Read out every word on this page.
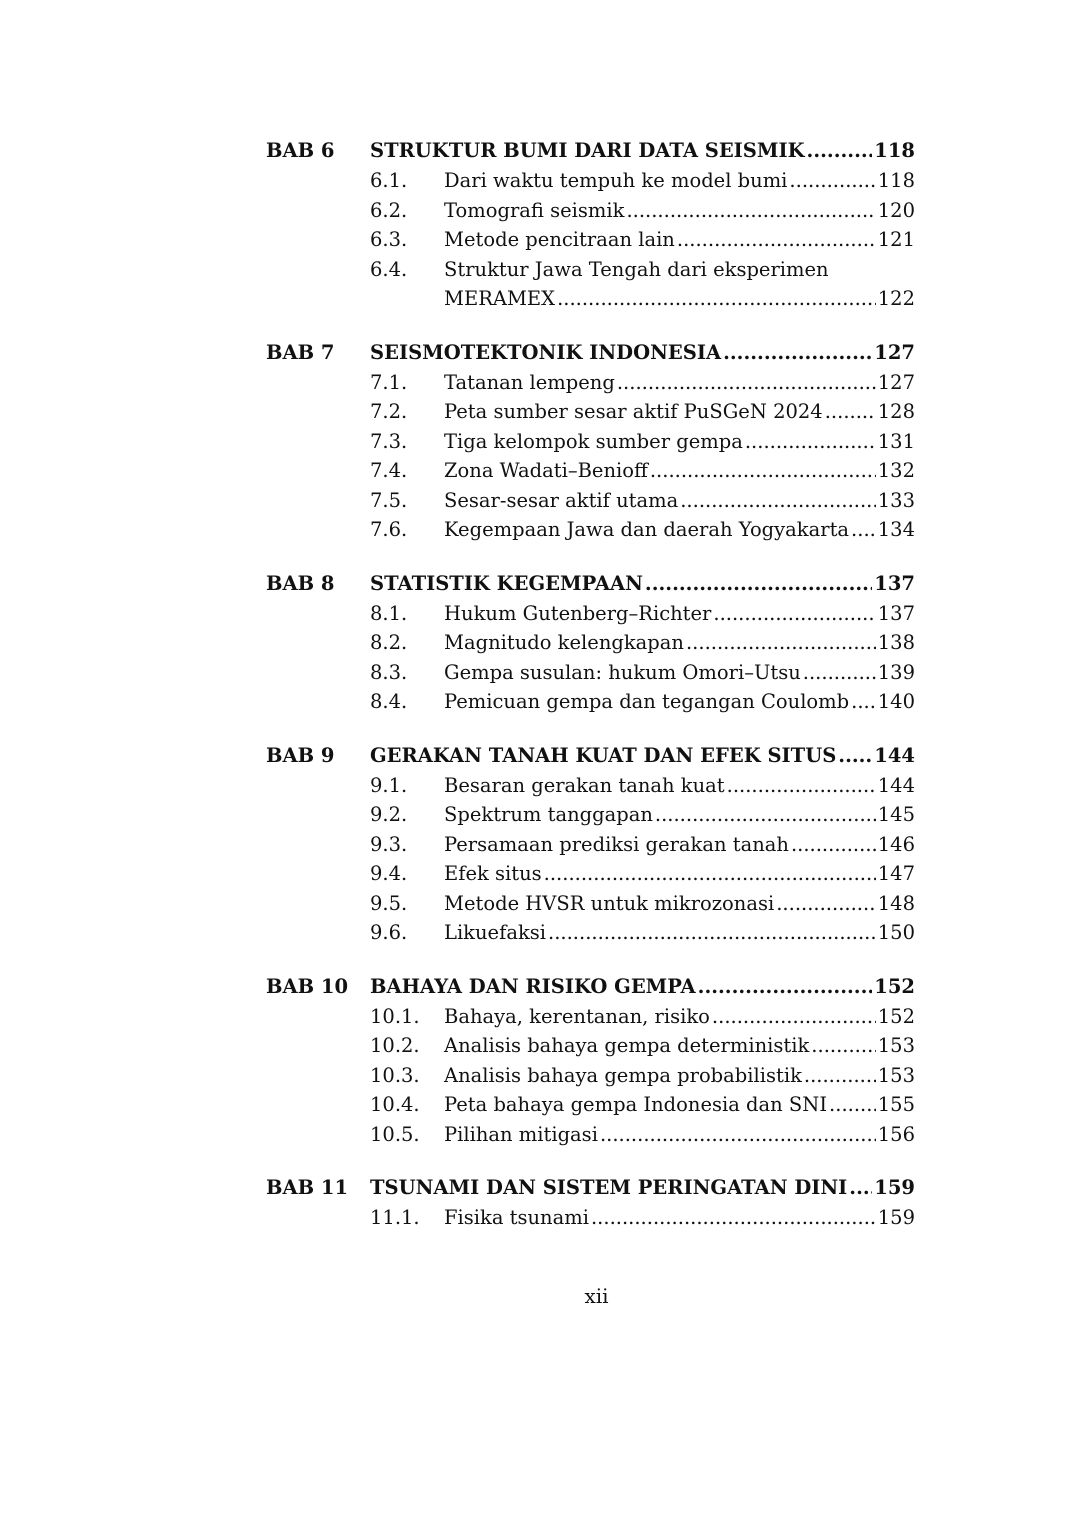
BAB 6	STRUKTUR BUMI DARI DATA SEISMIK .....	118
6.1.	Dari waktu tempuh ke model bumi .....	118
6.2.	Tomografi seismik .....	120
6.3.	Metode pencitraan lain .....	121
6.4.	Struktur Jawa Tengah dari eksperimen
MERAMEX .....	122
BAB 7	SEISMOTEKTONIK INDONESIA .....	127
7.1.	Tatanan lempeng .....	127
7.2.	Peta sumber sesar aktif PuSGeN 2024 .....	128
7.3.	Tiga kelompok sumber gempa .....	131
7.4.	Zona Wadati–Benioff .....	132
7.5.	Sesar-sesar aktif utama .....	133
7.6.	Kegempaan Jawa dan daerah Yogyakarta ..... 134
BAB 8	STATISTIK KEGEMPAAN .....	137
8.1.	Hukum Gutenberg–Richter .....	137
8.2.	Magnitudo kelengkapan .....	138
8.3.	Gempa susulan: hukum Omori–Utsu .....	139
8.4.	Pemicuan gempa dan tegangan Coulomb ..... 140
BAB 9	GERAKAN TANAH KUAT DAN EFEK SITUS ..... 144
9.1.	Besaran gerakan tanah kuat .....	144
9.2.	Spektrum tanggapan .....	145
9.3.	Persamaan prediksi gerakan tanah .....	146
9.4.	Efek situs .....	147
9.5.	Metode HVSR untuk mikrozonasi .....	148
9.6.	Likuefaksi .....	150
BAB 10	BAHAYA DAN RISIKO GEMPA .....	152
10.1.	Bahaya, kerentanan, risiko .....	152
10.2.	Analisis bahaya gempa deterministik .....	153
10.3.	Analisis bahaya gempa probabilistik .....	153
10.4.	Peta bahaya gempa Indonesia dan SNI .....	155
10.5.	Pilihan mitigasi .....	156
BAB 11	TSUNAMI DAN SISTEM PERINGATAN DINI ..... 159
11.1.	Fisika tsunami .....	159
xii
